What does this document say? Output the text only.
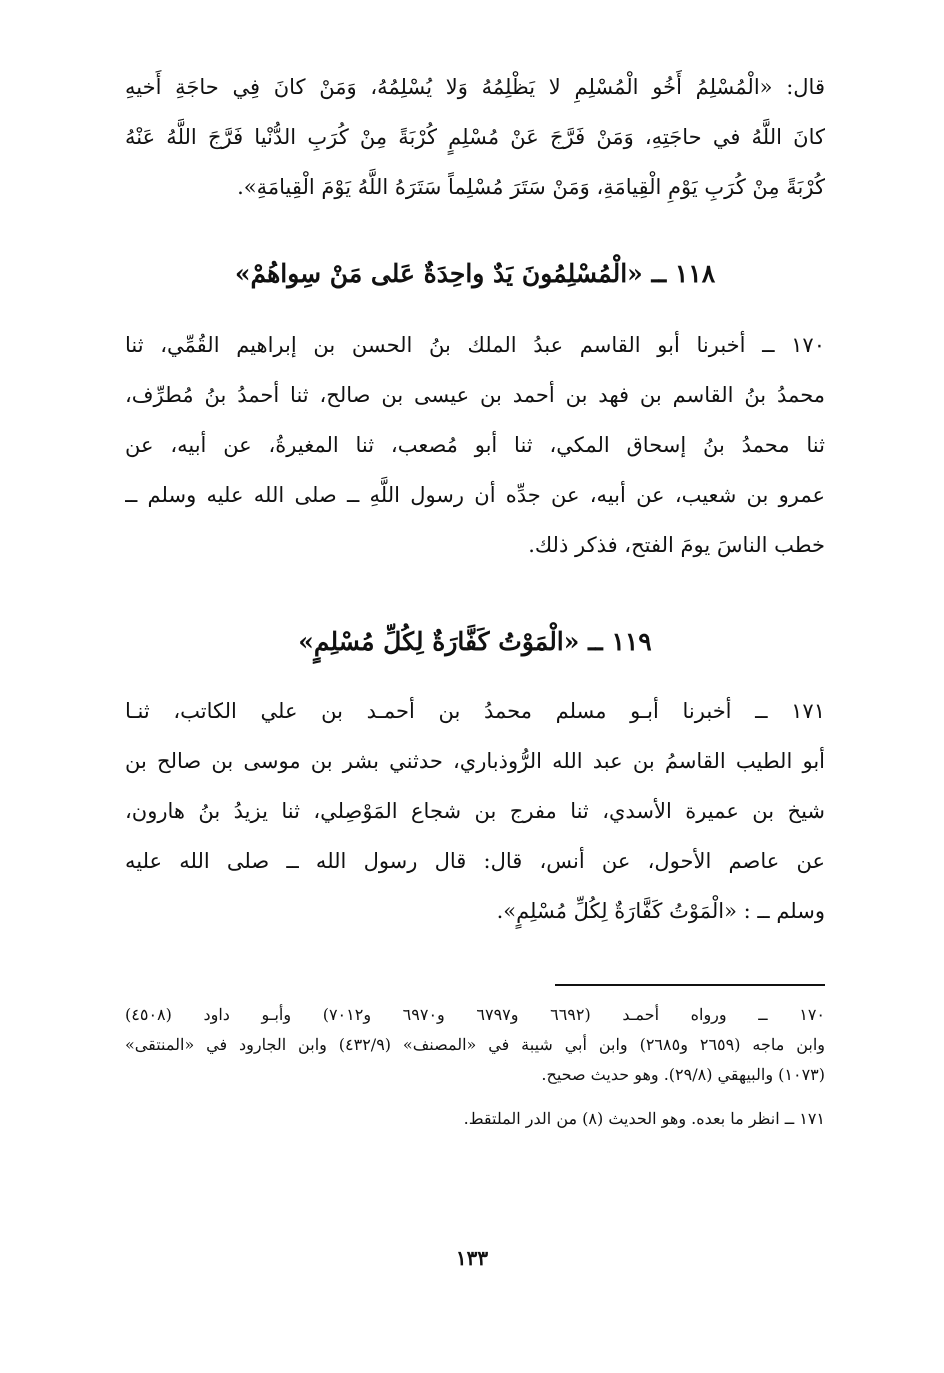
قال: «الْمُسْلِمُ أَخُو الْمُسْلِمِ لا يَظْلِمُهُ وَلا يُسْلِمُهُ، وَمَنْ كانَ فِي حاجَةِ أَخيهِ
كانَ اللَّهُ في حاجَتِهِ، وَمَنْ فَرَّجَ عَنْ مُسْلِمٍ كُرْبَةً مِنْ كُرَبِ الدُّنْيا فَرَّجَ اللَّهُ عَنْهُ
كُرْبَةً مِنْ كُرَبِ يَوْمِ الْقِيامَةِ، وَمَنْ سَتَرَ مُسْلِماً سَتَرَهُ اللَّهُ يَوْمَ الْقِيامَةِ».
١١٨ ــ «الْمُسْلِمُونَ يَدٌ واحِدَةٌ عَلى مَنْ سِواهُمْ»
١٧٠ ــ أخبرنا أبو القاسم عبدُ الملك بنُ الحسن بن إبراهيم القُمِّي، ثنا
محمدُ بنُ القاسم بن فهد بن أحمد بن عيسى بن صالح، ثنا أحمدُ بنُ مُطرِّف،
ثنا محمدُ بنُ إسحاق المكي، ثنا أبو مُصعب، ثنا المغيرةُ، عن أبيه، عن
عمرو بن شعيب، عن أبيه، عن جدِّه أن رسول اللَّهِ ــ صلى الله عليه وسلم ــ
خطب الناسَ يومَ الفتح، فذكر ذلك.
١١٩ ــ «الْمَوْتُ كَفَّارَةٌ لِكُلِّ مُسْلِمٍ»
١٧١ ــ أخبرنا أبـو مسلم محمدُ بن أحمـد بن علي الكاتب، ثنـا
أبو الطيب القاسمُ بن عبد الله الرُّوذباري، حدثني بشر بن موسى بن صالح بن
شيخ بن عميرة الأسدي، ثنا مفرج بن شجاع المَوْصِلي، ثنا يزيدُ بنُ هارون،
عن عاصم الأحول، عن أنس، قال: قال رسول الله ــ صلى الله عليه
وسلم ــ : «الْمَوْتُ كَفَّارَةٌ لِكُلِّ مُسْلِمٍ».
١٧٠ ــ ورواه أحمـد (٦٦٩٢ و٦٧٩٧ و٦٩٧٠ و٧٠١٢) وأبـو داود (٤٥٠٨)
وابن ماجه (٢٦٥٩ و٢٦٨٥) وابن أبي شيبة في «المصنف» (٤٣٢/٩) وابن الجارود في «المنتقى»
(١٠٧٣) والبيهقي (٢٩/٨). وهو حديث صحيح.
١٧١ ــ انظر ما بعده. وهو الحديث (٨) من الدر الملتقط.
١٣٣
